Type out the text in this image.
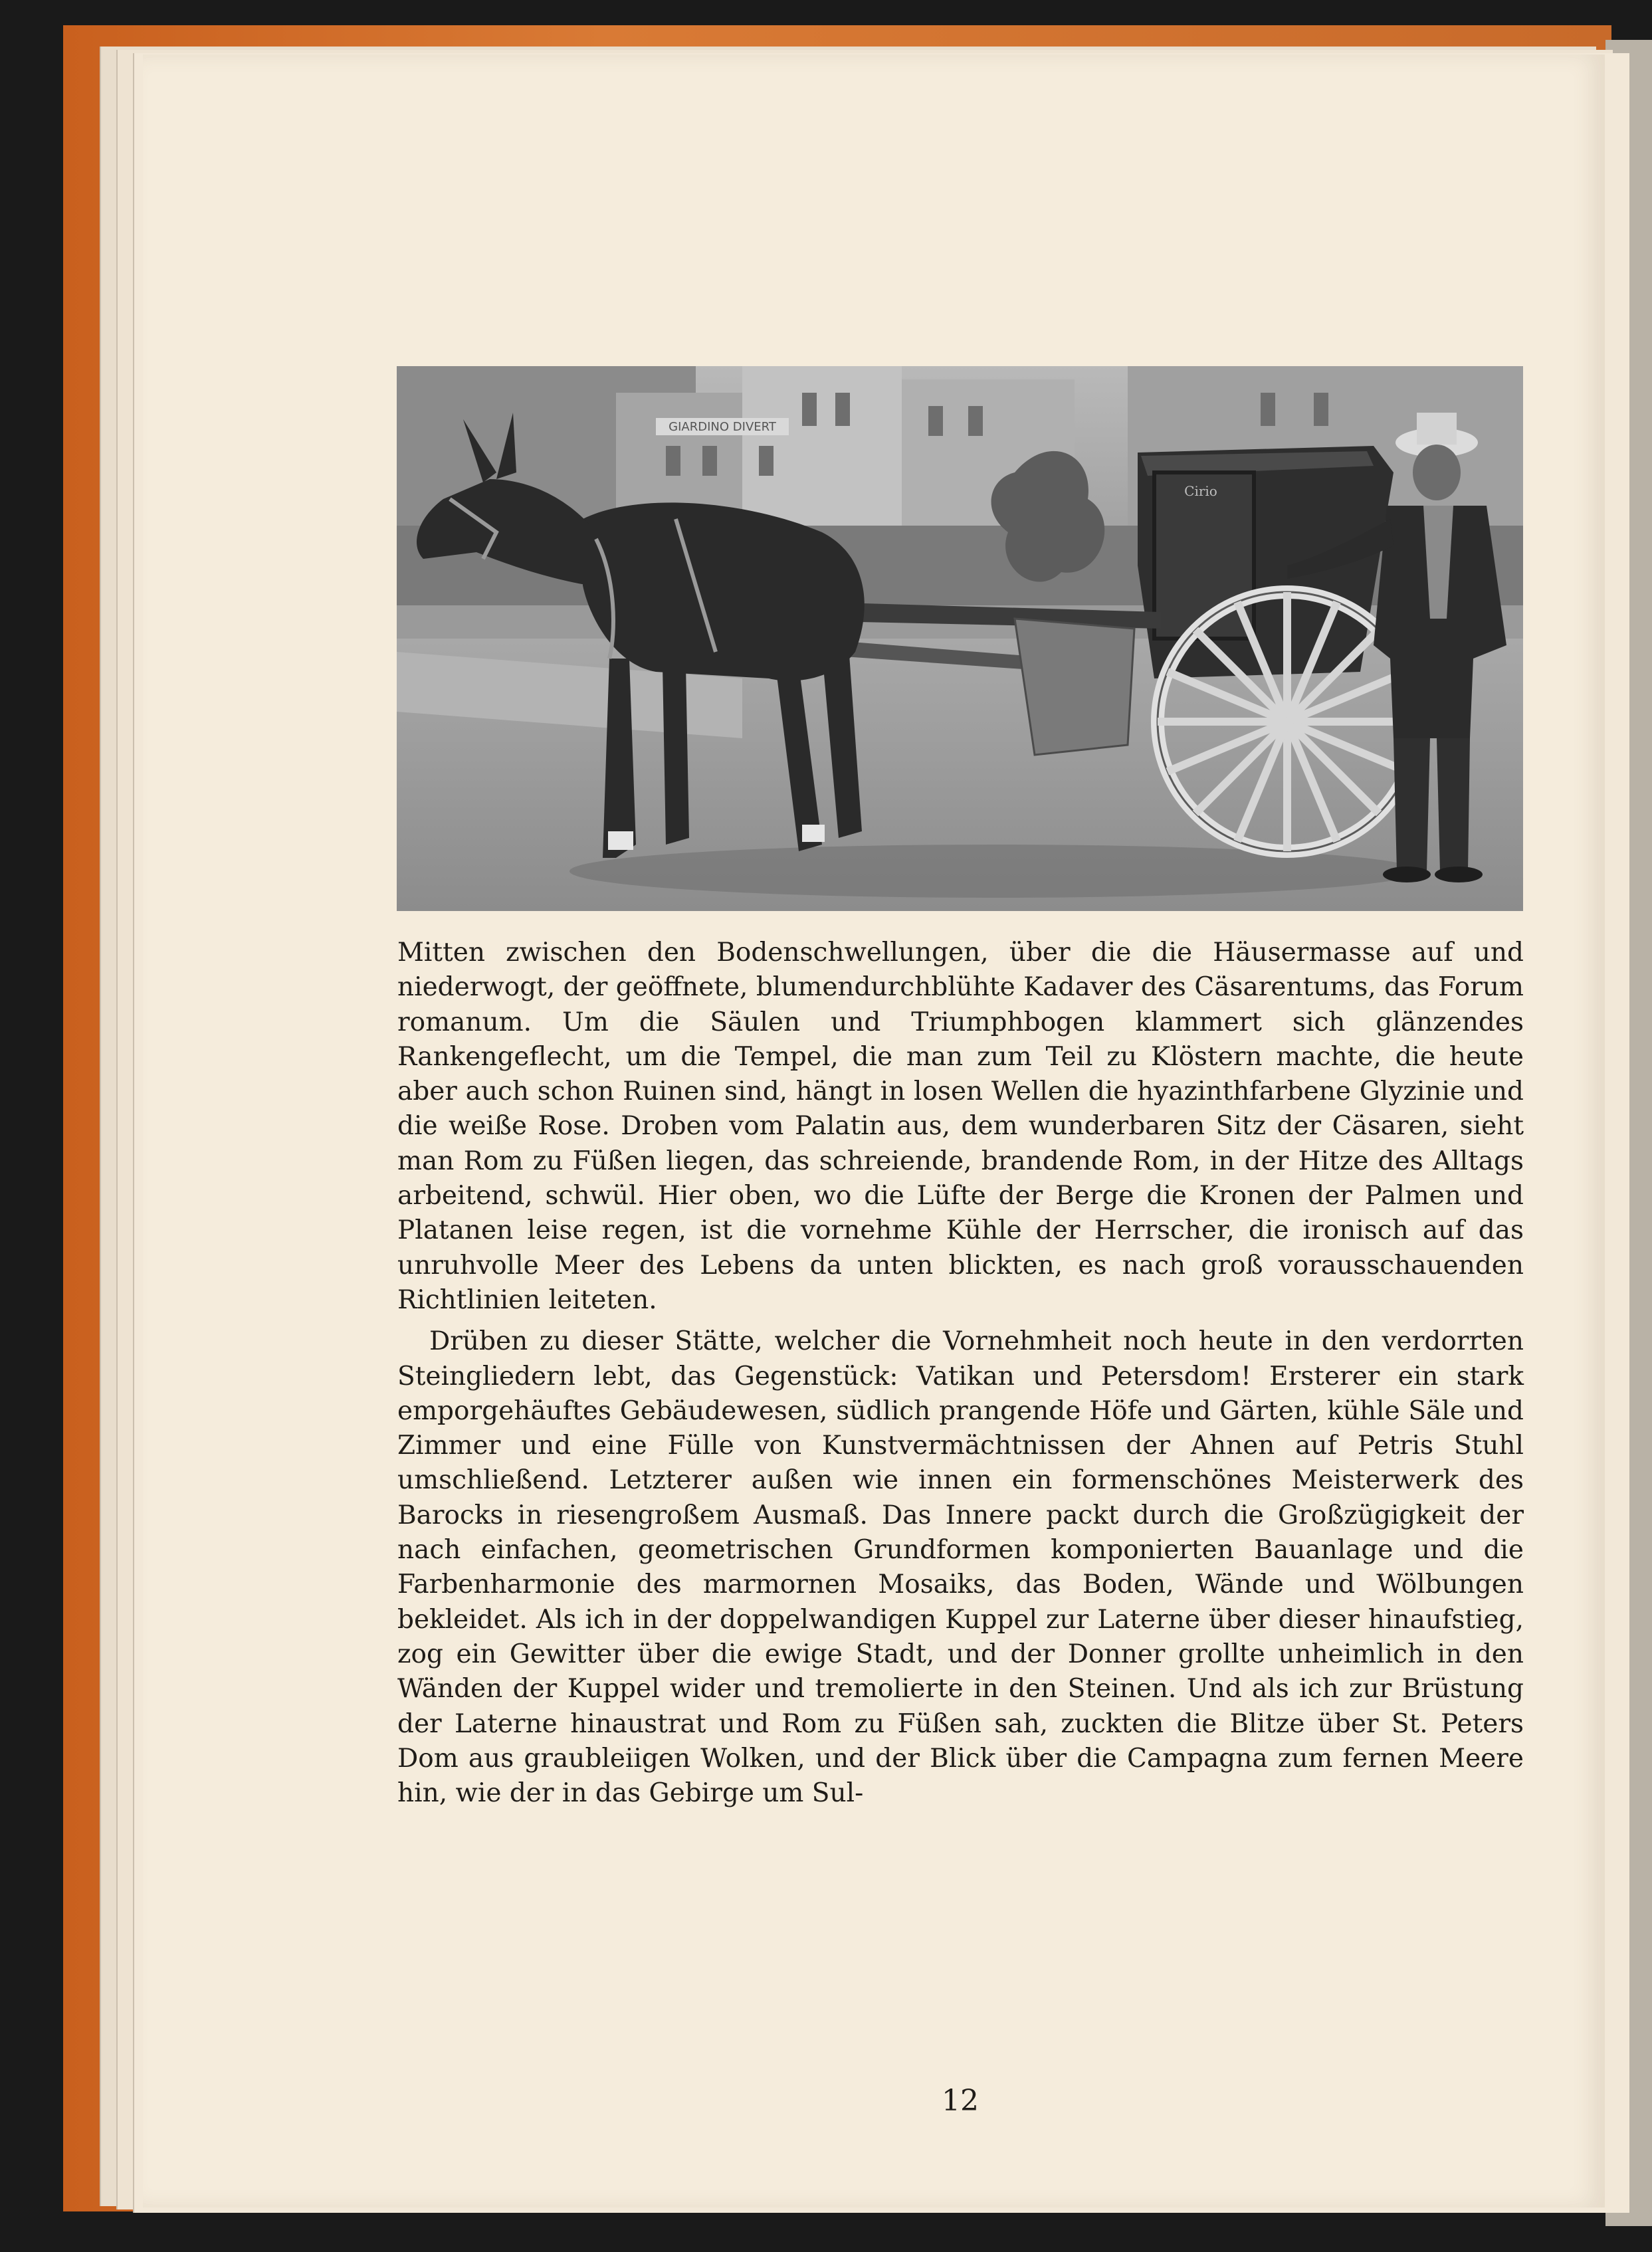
GIARDINO DIVERT
Cirio

Mitten zwischen den Bodenschwellungen, über die die Häusermasse auf und niederwogt, der geöffnete, blumendurchblühte Kadaver des Cäsarentums, das Forum romanum. Um die Säulen und Triumphbogen klammert sich glänzendes Rankengeflecht, um die Tempel, die man zum Teil zu Klöstern machte, die heute aber auch schon Ruinen sind, hängt in losen Wellen die hyazinthfarbene Glyzinie und die weiße Rose. Droben vom Palatin aus, dem wunderbaren Sitz der Cäsaren, sieht man Rom zu Füßen liegen, das schreiende, brandende Rom, in der Hitze des Alltags arbeitend, schwül. Hier oben, wo die Lüfte der Berge die Kronen der Palmen und Platanen leise regen, ist die vornehme Kühle der Herrscher, die ironisch auf das unruhvolle Meer des Lebens da unten blickten, es nach groß vorausschauenden Richtlinien leiteten.

Drüben zu dieser Stätte, welcher die Vornehmheit noch heute in den verdorrten Steingliedern lebt, das Gegenstück: Vatikan und Petersdom! Ersterer ein stark emporgehäuftes Gebäudewesen, südlich prangende Höfe und Gärten, kühle Säle und Zimmer und eine Fülle von Kunstvermächtnissen der Ahnen auf Petris Stuhl umschließend. Letzterer außen wie innen ein formenschönes Meisterwerk des Barocks in riesengroßem Ausmaß. Das Innere packt durch die Großzügigkeit der nach einfachen, geometrischen Grundformen komponierten Bauanlage und die Farbenharmonie des marmornen Mosaiks, das Boden, Wände und Wölbungen bekleidet. Als ich in der doppelwandigen Kuppel zur Laterne über dieser hinaufstieg, zog ein Gewitter über die ewige Stadt, und der Donner grollte unheimlich in den Wänden der Kuppel wider und tremolierte in den Steinen. Und als ich zur Brüstung der Laterne hinaustrat und Rom zu Füßen sah, zuckten die Blitze über St. Peters Dom aus graubleiigen Wolken, und der Blick über die Campagna zum fernen Meere hin, wie der in das Gebirge um Sul-

12
